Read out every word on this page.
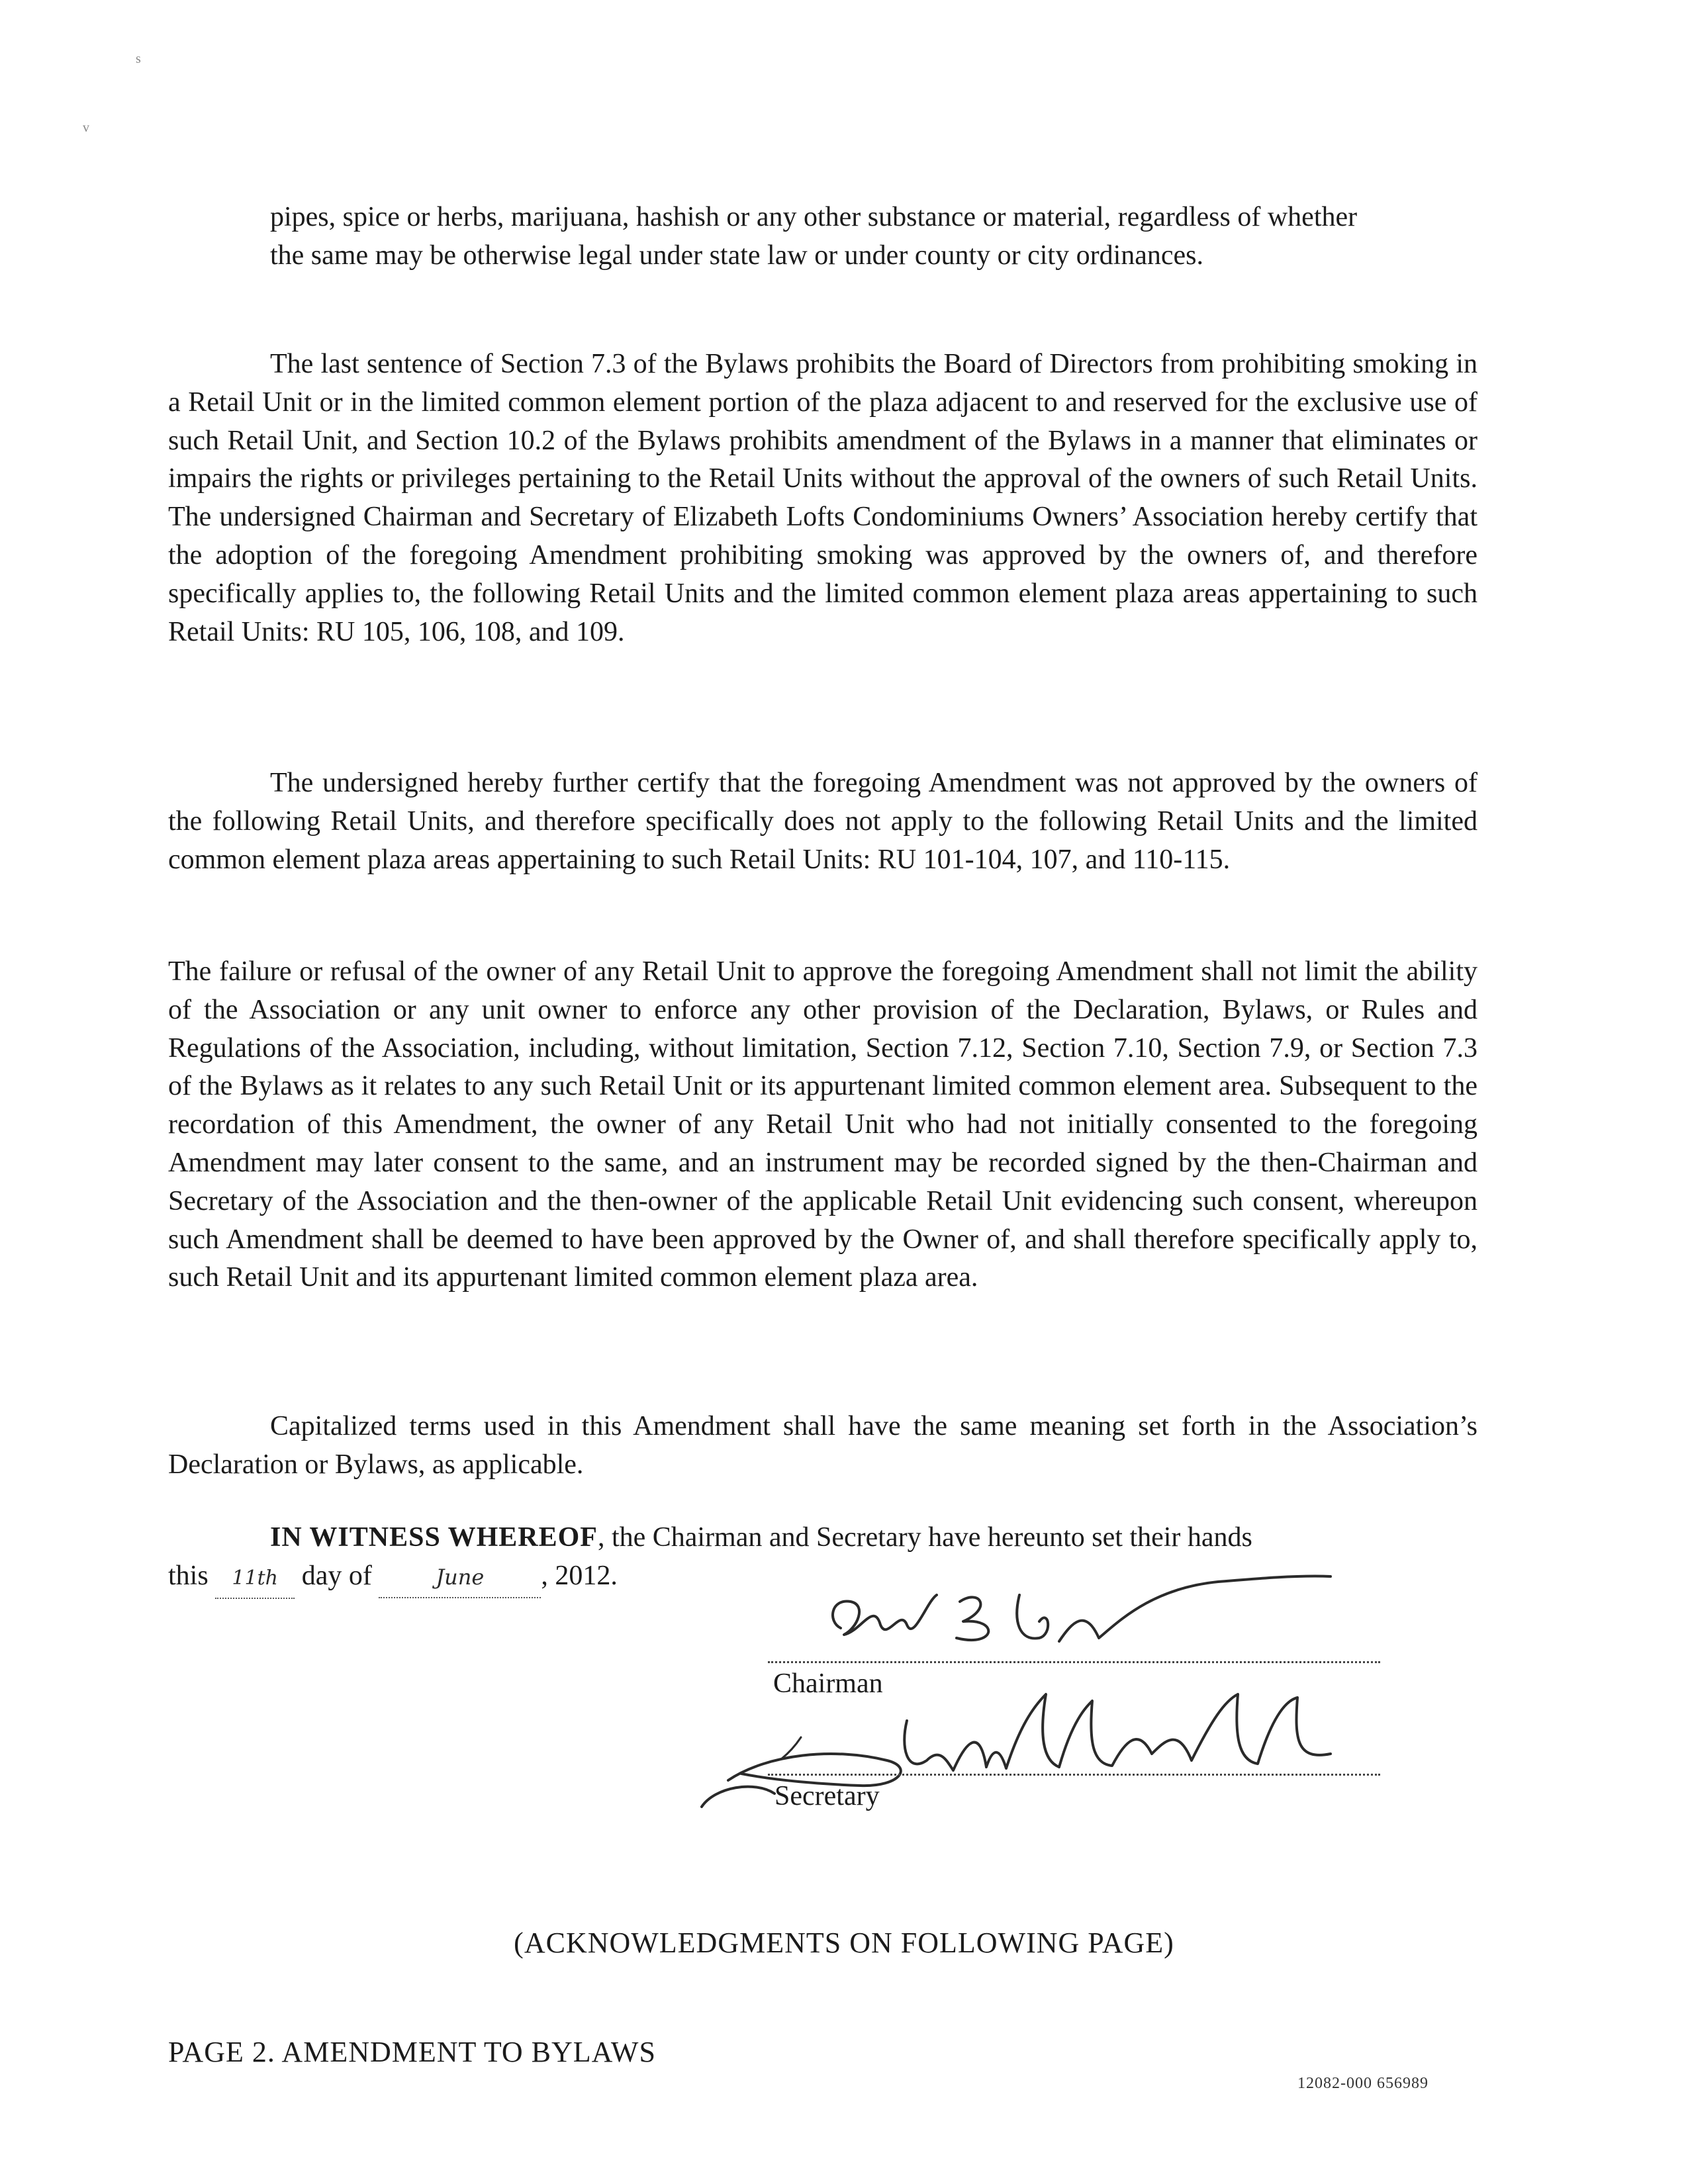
s
v

pipes, spice or herbs, marijuana, hashish or any other substance or material, regardless of whether the same may be otherwise legal under state law or under county or city ordinances.

The last sentence of Section 7.3 of the Bylaws prohibits the Board of Directors from prohibiting smoking in a Retail Unit or in the limited common element portion of the plaza adjacent to and reserved for the exclusive use of such Retail Unit, and Section 10.2 of the Bylaws prohibits amendment of the Bylaws in a manner that eliminates or impairs the rights or privileges pertaining to the Retail Units without the approval of the owners of such Retail Units. The undersigned Chairman and Secretary of Elizabeth Lofts Condominiums Owners’ Association hereby certify that the adoption of the foregoing Amendment prohibiting smoking was approved by the owners of, and therefore specifically applies to, the following Retail Units and the limited common element plaza areas appertaining to such Retail Units: RU 105, 106, 108, and 109.

The undersigned hereby further certify that the foregoing Amendment was not approved by the owners of the following Retail Units, and therefore specifically does not apply to the following Retail Units and the limited common element plaza areas appertaining to such Retail Units: RU 101-104, 107, and 110-115.

The failure or refusal of the owner of any Retail Unit to approve the foregoing Amendment shall not limit the ability of the Association or any unit owner to enforce any other provision of the Declaration, Bylaws, or Rules and Regulations of the Association, including, without limitation, Section 7.12, Section 7.10, Section 7.9, or Section 7.3 of the Bylaws as it relates to any such Retail Unit or its appurtenant limited common element area. Subsequent to the recordation of this Amendment, the owner of any Retail Unit who had not initially consented to the foregoing Amendment may later consent to the same, and an instrument may be recorded signed by the then-Chairman and Secretary of the Association and the then-owner of the applicable Retail Unit evidencing such consent, whereupon such Amendment shall be deemed to have been approved by the Owner of, and shall therefore specifically apply to, such Retail Unit and its appurtenant limited common element plaza area.

Capitalized terms used in this Amendment shall have the same meaning set forth in the Association’s Declaration or Bylaws, as applicable.

IN WITNESS WHEREOF, the Chairman and Secretary have hereunto set their hands
this 11th day of	June , 2012.

Chairman
Secretary
(ACKNOWLEDGMENTS ON FOLLOWING PAGE)
PAGE 2. AMENDMENT TO BYLAWS
12082-000 656989
